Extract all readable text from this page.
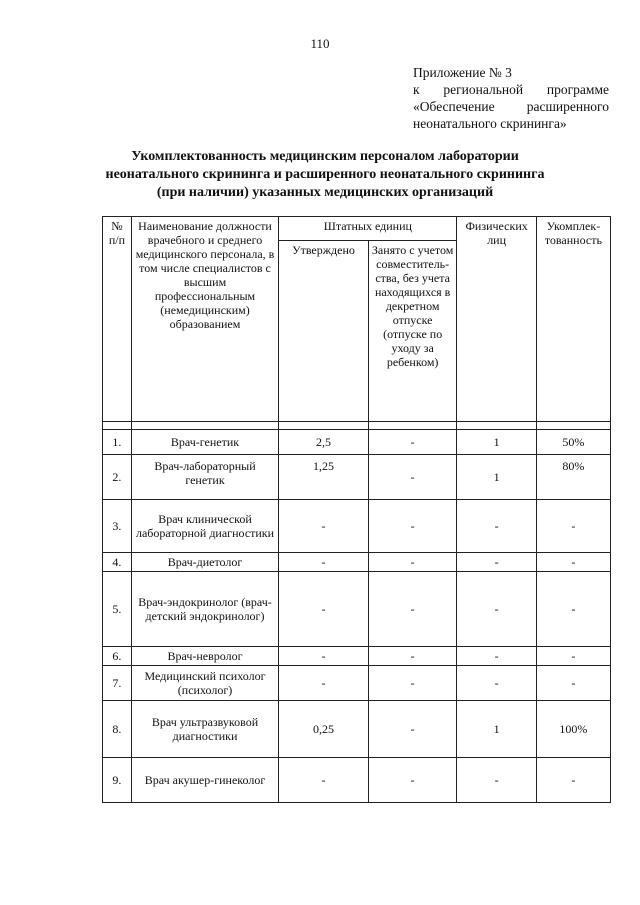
110
Приложение № 3
к региональной программе
«Обеспечение расширенного
неонатального скрининга»
Укомплектованность медицинским персоналом лаборатории
неонатального скрининга и расширенного неонатального скрининга
(при наличии) указанных медицинских организаций
№ п/п	Наименование должности врачебного и среднего медицинского персонала, в том числе специалистов с высшим профессиональным (немедицинским) образованием	Штатных единиц		Физических лиц	Укомплек- тованность
		Утверждено	Занято с учетом совместитель- ства, без учета находящихся в декретном отпуске (отпуске по уходу за ребенком)		

1.	Врач-генетик	2,5	-	1	50%
2.	Врач-лабораторный генетик	1,25	-	1	80%
3.	Врач клинической лабораторной диагностики	-	-	-	-
4.	Врач-диетолог	-	-	-	-
5.	Врач-эндокринолог (врач-детский эндокринолог)	-	-	-	-
6.	Врач-невролог	-	-	-	-
7.	Медицинский психолог (психолог)	-	-	-	-
8.	Врач ультразвуковой диагностики	0,25	-	1	100%
9.	Врач акушер-гинеколог	-	-	-	-
